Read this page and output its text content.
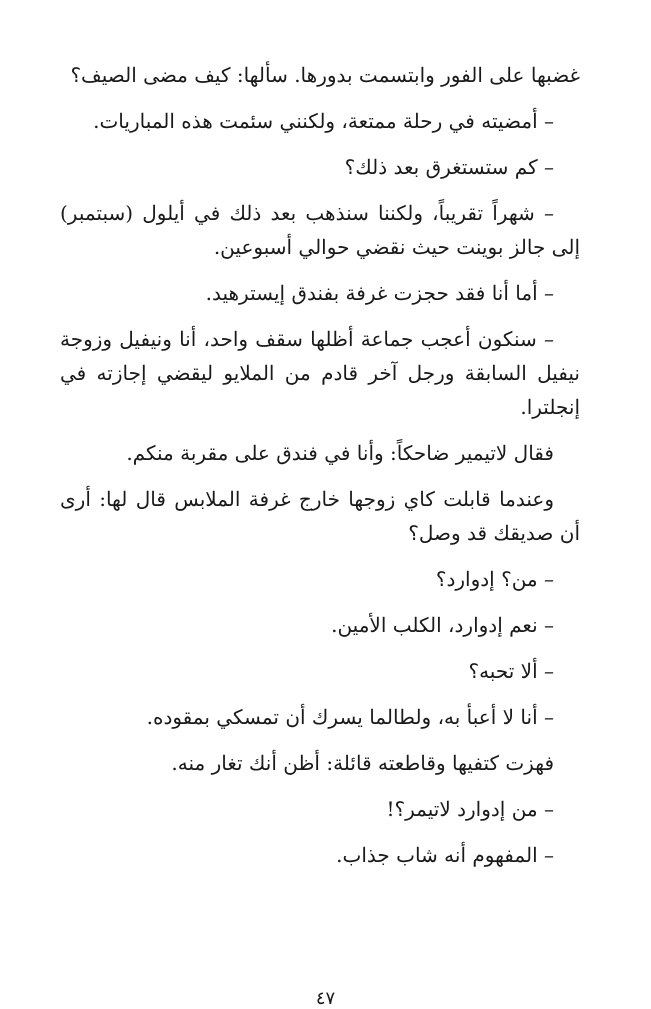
غضبها على الفور وابتسمت بدورها. سألها: كيف مضى الصيف؟

– أمضيته في رحلة ممتعة، ولكنني سئمت هذه المباريات.

– كم ستستغرق بعد ذلك؟

– شهراً تقريباً، ولكننا سنذهب بعد ذلك في أيلول (سبتمبر) إلى جالز بوينت حيث نقضي حوالي أسبوعين.

– أما أنا فقد حجزت غرفة بفندق إيسترهيد.

– سنكون أعجب جماعة أظلها سقف واحد، أنا ونيفيل وزوجة نيفيل السابقة ورجل آخر قادم من الملايو ليقضي إجازته في إنجلترا.

فقال لاتيمير ضاحكاً: وأنا في فندق على مقربة منكم.

وعندما قابلت كاي زوجها خارج غرفة الملابس قال لها: أرى أن صديقك قد وصل؟

– من؟ إدوارد؟

– نعم إدوارد، الكلب الأمين.

– ألا تحبه؟

– أنا لا أعبأ به، ولطالما يسرك أن تمسكي بمقوده.

فهزت كتفيها وقاطعته قائلة: أظن أنك تغار منه.

– من إدوارد لاتيمر؟!

– المفهوم أنه شاب جذاب.

٤٧
